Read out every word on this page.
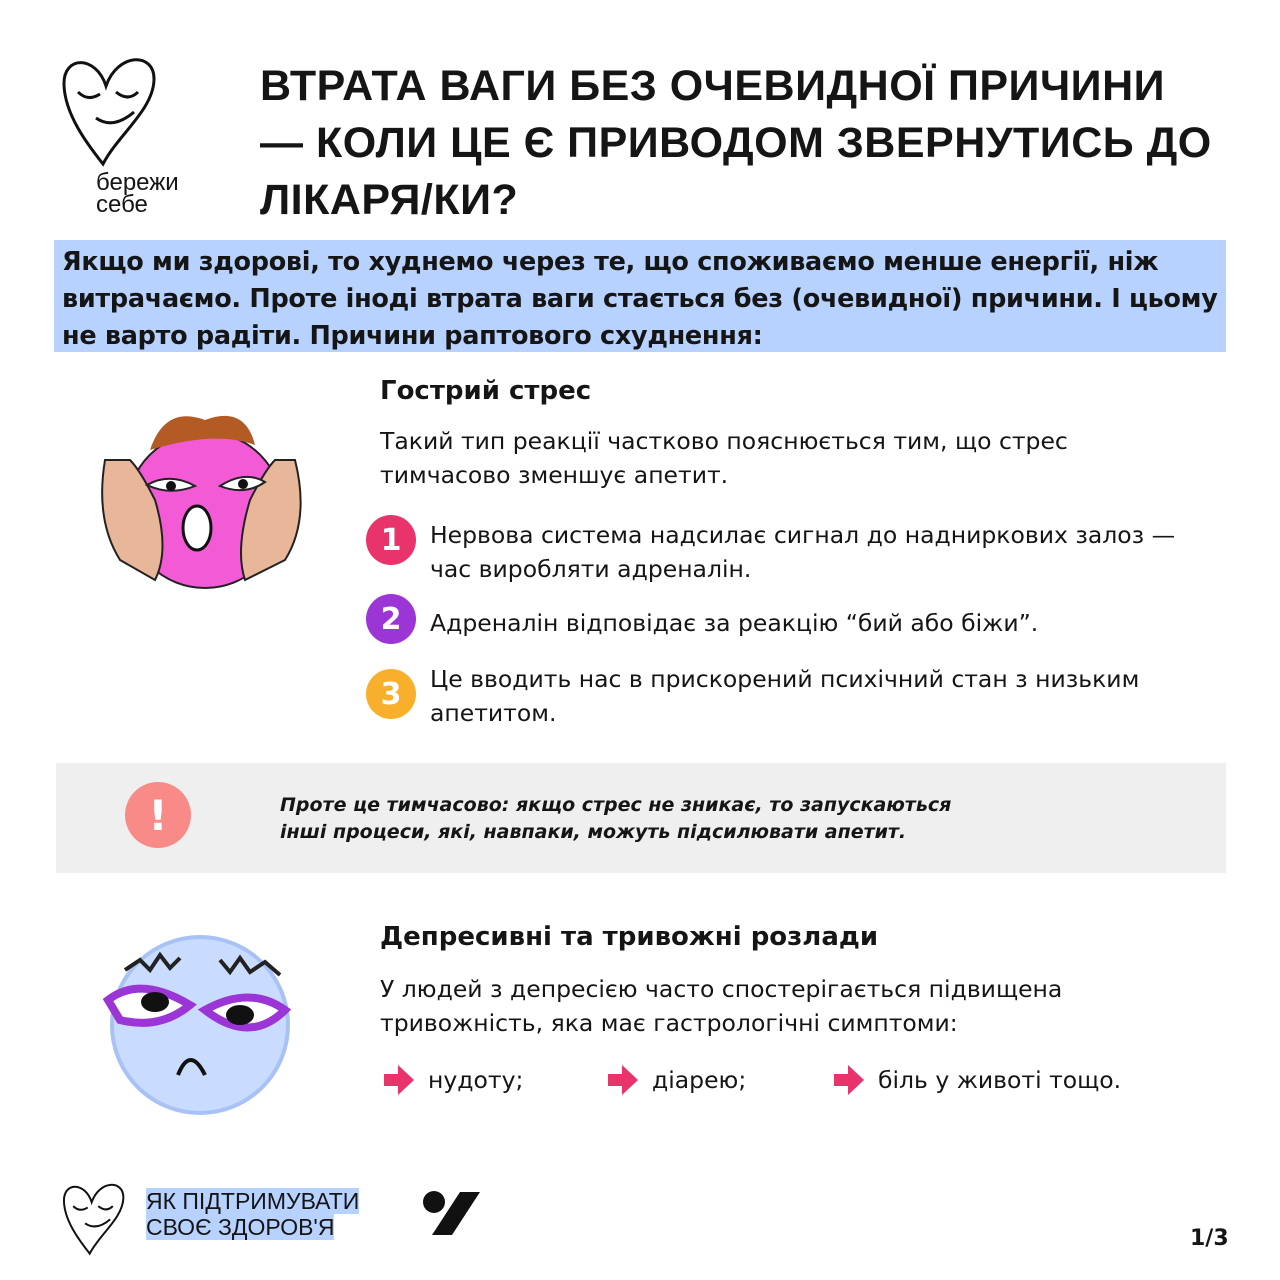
бережи
себе
ВТРАТА ВАГИ БЕЗ ОЧЕВИДНОЇ ПРИЧИНИ — КОЛИ ЦЕ Є ПРИВОДОМ ЗВЕРНУТИСЬ ДО ЛІКАРЯ/КИ?
Якщо ми здорові, то худнемо через те, що споживаємо менше енергії, ніж витрачаємо. Проте іноді втрата ваги стається без (очевидної) причини. І цьому не варто радіти. Причини раптового схуднення:
Гострий стрес
Такий тип реакції частково пояснюється тим, що стрес тимчасово зменшує апетит.
1	Нервова система надсилає сигнал до надниркових залоз — час виробляти адреналін.
2	Адреналін відповідає за реакцію “бий або біжи”.
3	Це вводить нас в прискорений психічний стан з низьким апетитом.
!	Проте це тимчасово: якщо стрес не зникає, то запускаються інші процеси, які, навпаки, можуть підсилювати апетит.
Депресивні та тривожні розлади
У людей з депресією часто спостерігається підвищена тривожність, яка має гастрологічні симптоми:
нудоту;	діарею;	біль у животі тощо.
ЯК ПІДТРИМУВАТИ
СВОЄ ЗДОРОВ'Я	1/3
